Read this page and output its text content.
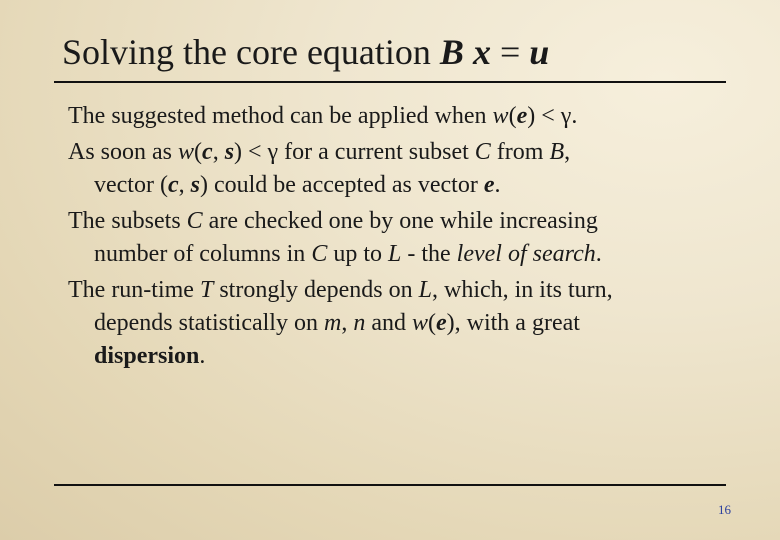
Solving the core equation B x = u

The suggested method can be applied when w(e) < γ.

As soon as w(c, s) < γ for a current subset C from B,
vector (c, s) could be accepted as vector e.

The subsets C are checked one by one while increasing
number of columns in C up to L - the level of search.

The run-time T strongly depends on L, which, in its turn,
depends statistically on m, n and w(e), with a great
dispersion.

16
